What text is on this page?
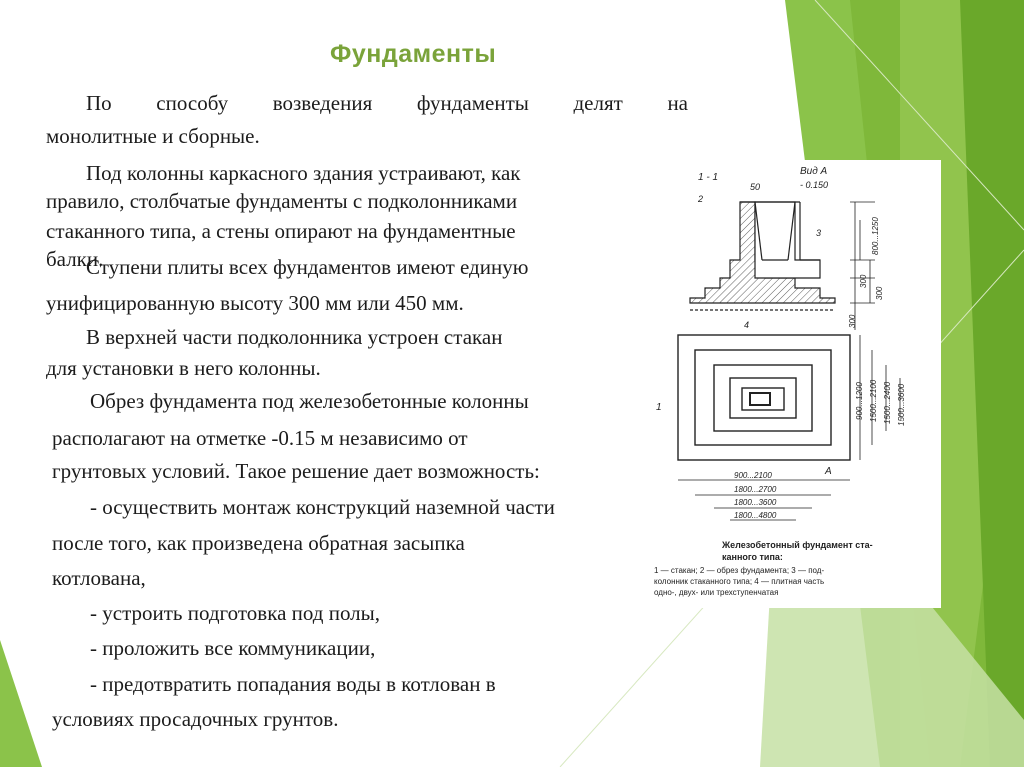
Фундаменты
По способу возведения фундаменты делят на
монолитные и сборные.
Под колонны каркасного здания устраивают, как
правило, столбчатые фундаменты с подколонниками
стаканного типа, а стены опирают на фундаментные
балки.
Ступени плиты всех фундаментов имеют единую
унифицированную высоту 300 мм или 450 мм.
В верхней части подколонника устроен стакан
для установки в него колонны.
Обрез фундамента под железобетонные колонны
располагают на отметке -0.15 м независимо от
грунтовых условий. Такое решение дает возможность:
- осуществить монтаж конструкций наземной части
после того, как произведена обратная засыпка
котлована,
- устроить подготовка под полы,
- проложить все коммуникации,
- предотвратить попадания воды в котлован в
условиях просадочных грунтов.
1 - 1
Вид А
- 0.150
50
2
3
4
800...1250
300
300
300
1
A
900...1200 1500...2100 1500...2400 1500...3600
900...2100
1800...2700
1800...3600
1800...4800
Железобетонный фундамент ста-
канного типа:
1 — стакан; 2 — обрез фундамента; 3 — под-
колонник стаканного типа; 4 — плитная часть
одно-, двух- или трехступенчатая
